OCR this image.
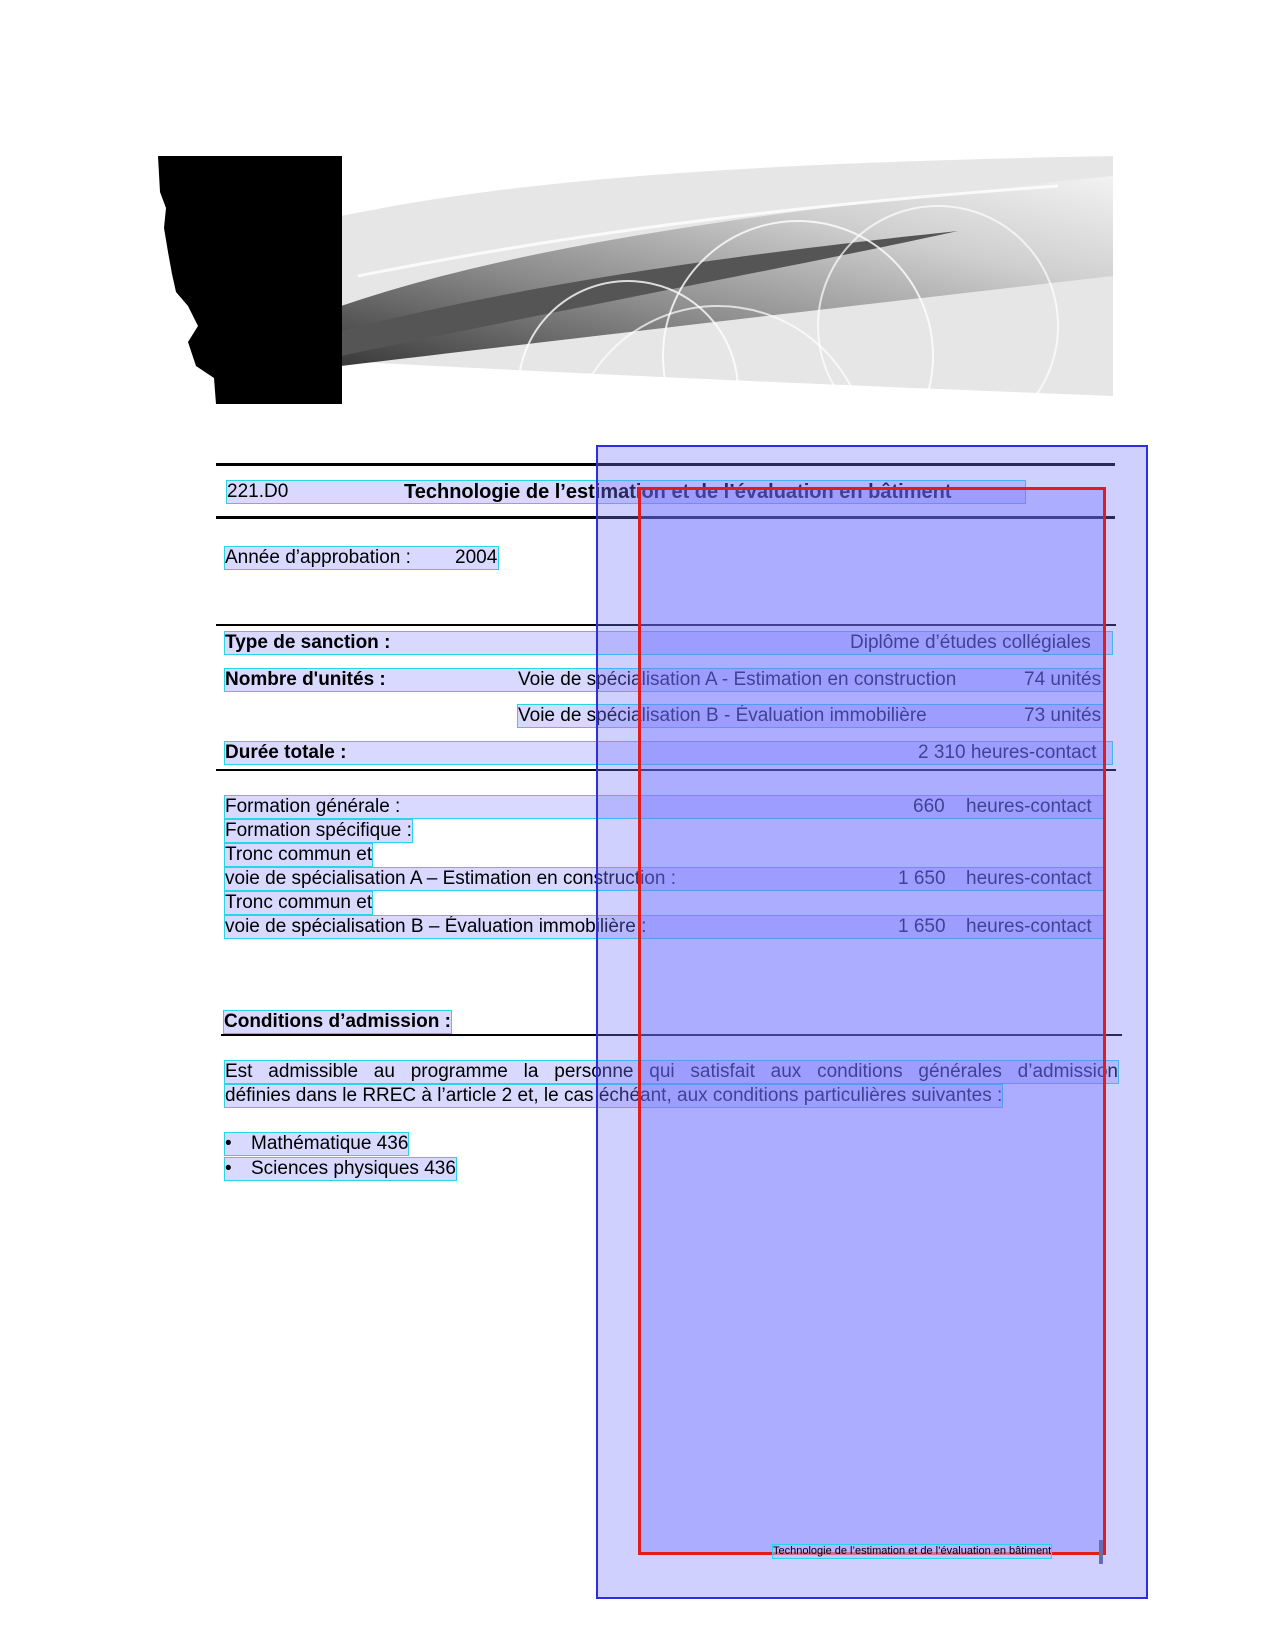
221.D0	Technologie de l’estimation et de l’évaluation en bâtiment
Année d’approbation :	2004
Type de sanction :	Diplôme d’études collégiales
Nombre d'unités :	Voie de spécialisation A - Estimation en construction	74 unités
Voie de spécialisation B - Évaluation immobilière	73 unités
Durée totale :	2 310 heures-contact
Formation générale :	660 heures-contact
Formation spécifique :
Tronc commun et
voie de spécialisation A – Estimation en construction :	1 650 heures-contact
Tronc commun et
voie de spécialisation B – Évaluation immobilière :	1 650 heures-contact
Conditions d’admission :
Est admissible au programme la personne qui satisfait aux conditions générales d’admission
définies dans le RREC à l’article 2 et, le cas échéant, aux conditions particulières suivantes :
• Mathématique 436
• Sciences physiques 436
Technologie de l’estimation et de l’évaluation en bâtiment
